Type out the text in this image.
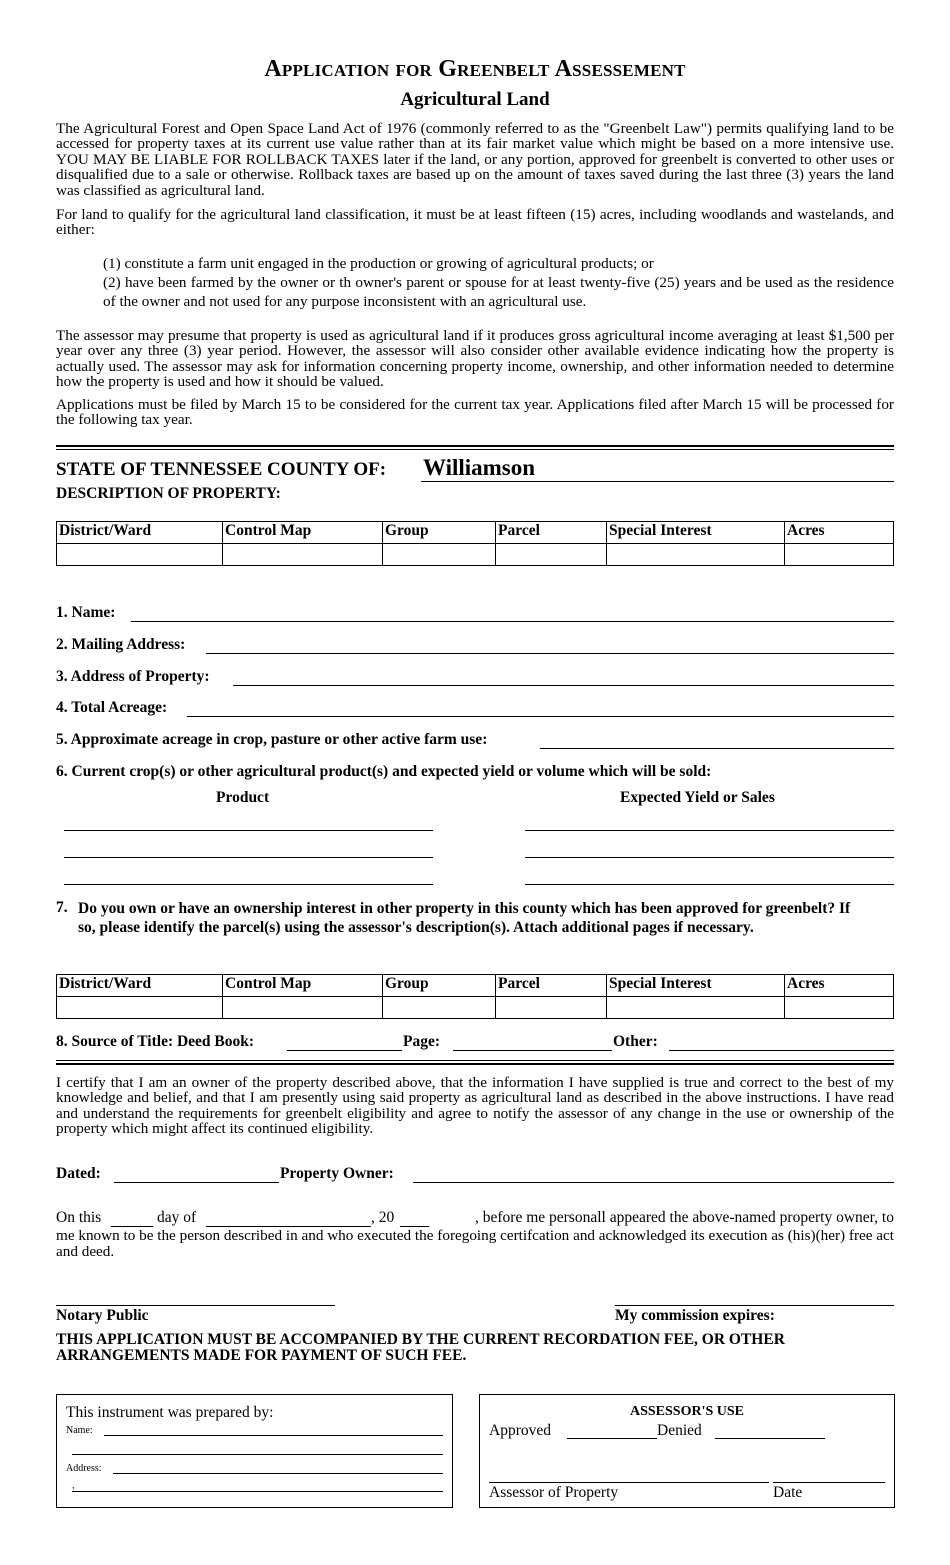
Application for Greenbelt Assessement
Agricultural Land
The Agricultural Forest and Open Space Land Act of 1976 (commonly referred to as the "Greenbelt Law") permits qualifying land to be accessed for property taxes at its current use value rather than at its fair market value which might be based on a more intensive use. YOU MAY BE LIABLE FOR ROLLBACK TAXES later if the land, or any portion, approved for greenbelt is converted to other uses or disqualified due to a sale or otherwise. Rollback taxes are based up on the amount of taxes saved during the last three (3) years the land was classified as agricultural land.
For land to qualify for the agricultural land classification, it must be at least fifteen (15) acres, including woodlands and wastelands, and either:
(1) constitute a farm unit engaged in the production or growing of agricultural products; or
(2) have been farmed by the owner or th owner's parent or spouse for at least twenty-five (25) years and be used as the residence of the owner and not used for any purpose inconsistent with an agricultural use.
The assessor may presume that property is used as agricultural land if it produces gross agricultural income averaging at least $1,500 per year over any three (3) year period. However, the assessor will also consider other available evidence indicating how the property is actually used. The assessor may ask for information concerning property income, ownership, and other information needed to determine how the property is used and how it should be valued.
Applications must be filed by March 15 to be considered for the current tax year. Applications filed after March 15 will be processed for the following tax year.
STATE OF TENNESSEE COUNTY OF: Williamson
DESCRIPTION OF PROPERTY:
District/Ward	Control Map	Group	Parcel	Special Interest	Acres

1. Name:
2. Mailing Address:
3. Address of Property:
4. Total Acreage:
5. Approximate acreage in crop, pasture or other active farm use:
6. Current crop(s) or other agricultural product(s) and expected yield or volume which will be sold:
Product	Expected Yield or Sales
7. Do you own or have an ownership interest in other property in this county which has been approved for greenbelt? If so, please identify the parcel(s) using the assessor's description(s). Attach additional pages if necessary.
District/Ward	Control Map	Group	Parcel	Special Interest	Acres

8. Source of Title: Deed Book:	Page:	Other:
I certify that I am an owner of the property described above, that the information I have supplied is true and correct to the best of my knowledge and belief, and that I am presently using said property as agricultural land as described in the above instructions. I have read and understand the requirements for greenbelt eligibility and agree to notify the assessor of any change in the use or ownership of the property which might affect its continued eligibility.
Dated:	Property Owner:
On this	day of	, 20	, before me personall appeared the above-named property owner, to
me known to be the person described in and who executed the foregoing certifcation and acknowledged its execution as (his)(her) free act and deed.
Notary Public	My commission expires:
THIS APPLICATION MUST BE ACCOMPANIED BY THE CURRENT RECORDATION FEE, OR OTHER ARRANGEMENTS MADE FOR PAYMENT OF SUCH FEE.
This instrument was prepared by:
Name:
Address:
,
ASSESSOR'S USE
Approved	Denied
Assessor of Property	Date
